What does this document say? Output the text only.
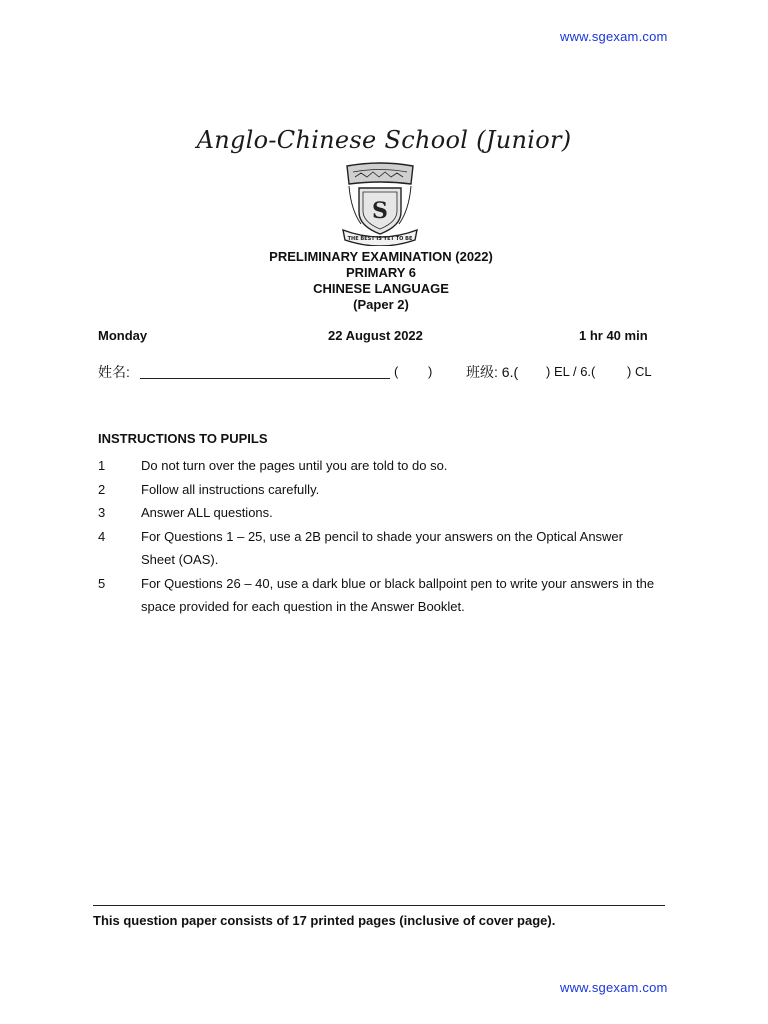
www.sgexam.com
Anglo-Chinese School (Junior)
S
THE BEST IS YET TO BE
PRELIMINARY EXAMINATION (2022)
PRIMARY 6
CHINESE LANGUAGE
(Paper 2)
Monday	22 August 2022	1 hr 40 min
姓名:	( ) 班级: 6.( ) EL / 6.( ) CL
INSTRUCTIONS TO PUPILS
1	Do not turn over the pages until you are told to do so.
2	Follow all instructions carefully.
3	Answer ALL questions.
4	For Questions 1 – 25, use a 2B pencil to shade your answers on the Optical Answer Sheet (OAS).
5	For Questions 26 – 40, use a dark blue or black ballpoint pen to write your answers in the space provided for each question in the Answer Booklet.
This question paper consists of 17 printed pages (inclusive of cover page).
www.sgexam.com
